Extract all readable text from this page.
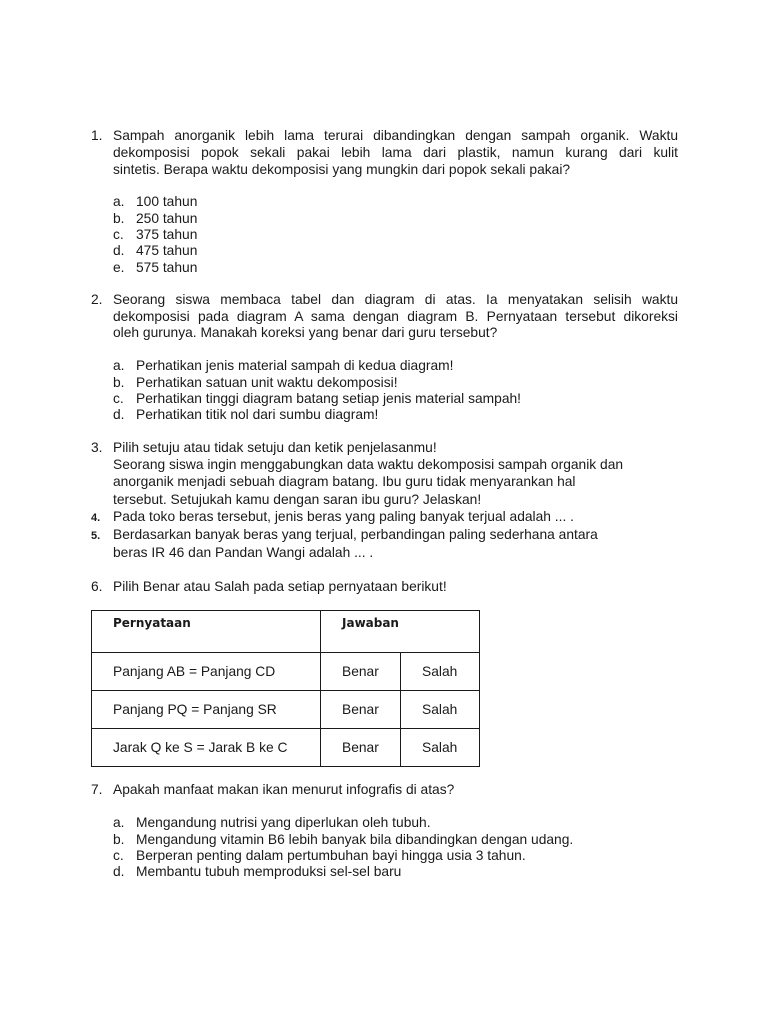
1. Sampah anorganik lebih lama terurai dibandingkan dengan sampah organik. Waktu
dekomposisi popok sekali pakai lebih lama dari plastik, namun kurang dari kulit
sintetis. Berapa waktu dekomposisi yang mungkin dari popok sekali pakai?
a. 100 tahun
b. 250 tahun
c. 375 tahun
d. 475 tahun
e. 575 tahun
2. Seorang siswa membaca tabel dan diagram di atas. Ia menyatakan selisih waktu
dekomposisi pada diagram A sama dengan diagram B. Pernyataan tersebut dikoreksi
oleh gurunya. Manakah koreksi yang benar dari guru tersebut?
a. Perhatikan jenis material sampah di kedua diagram!
b. Perhatikan satuan unit waktu dekomposisi!
c. Perhatikan tinggi diagram batang setiap jenis material sampah!
d. Perhatikan titik nol dari sumbu diagram!
3. Pilih setuju atau tidak setuju dan ketik penjelasanmu!
Seorang siswa ingin menggabungkan data waktu dekomposisi sampah organik dan
anorganik menjadi sebuah diagram batang. Ibu guru tidak menyarankan hal
tersebut. Setujukah kamu dengan saran ibu guru? Jelaskan!
4. Pada toko beras tersebut, jenis beras yang paling banyak terjual adalah ... .
5. Berdasarkan banyak beras yang terjual, perbandingan paling sederhana antara
beras IR 46 dan Pandan Wangi adalah ... .
6. Pilih Benar atau Salah pada setiap pernyataan berikut!
Pernyataan	Jawaban	
Panjang AB = Panjang CD	Benar	Salah
Panjang PQ = Panjang SR	Benar	Salah
Jarak Q ke S = Jarak B ke C	Benar	Salah
7. Apakah manfaat makan ikan menurut infografis di atas?
a. Mengandung nutrisi yang diperlukan oleh tubuh.
b. Mengandung vitamin B6 lebih banyak bila dibandingkan dengan udang.
c. Berperan penting dalam pertumbuhan bayi hingga usia 3 tahun.
d. Membantu tubuh memproduksi sel-sel baru
